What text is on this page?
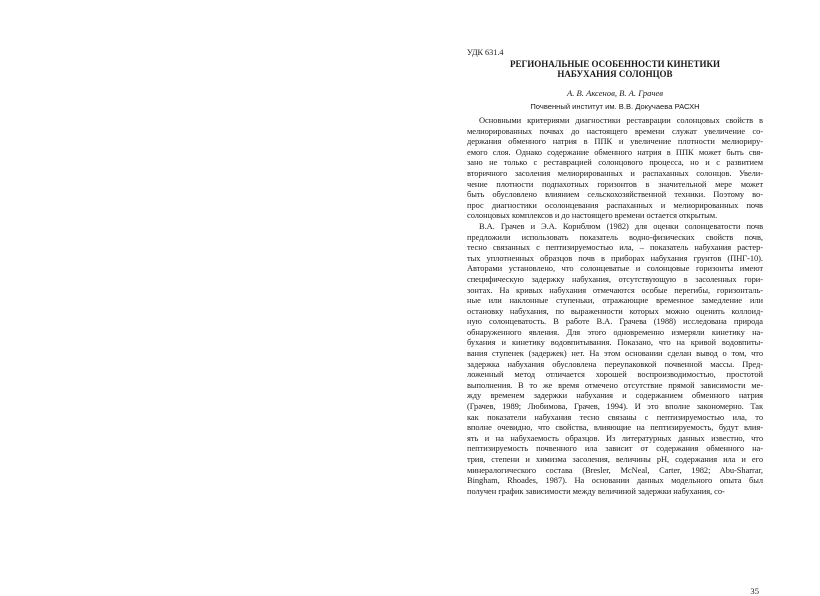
УДК 631.4
РЕГИОНАЛЬНЫЕ ОСОБЕННОСТИ КИНЕТИКИ
НАБУХАНИЯ СОЛОНЦОВ
А. В. Аксенов, В. А. Грачев
Почвенный институт им. В.В. Докучаева РАСХН
Основными критериями диагностики реставрации солонцовых свойств в
мелиорированных почвах до настоящего времени служат увеличение со-
держания обменного натрия в ППК и увеличение плотности мелиориру-
емого слоя. Однако содержание обменного натрия в ППК может быть свя-
зано не только с реставрацией солонцового процесса, но и с развитием
вторичного засоления мелиорированных и распаханных солонцов. Увели-
чение плотности подпахотных горизонтов в значительной мере может
быть обусловлено влиянием сельскохозяйственной техники. Поэтому во-
прос диагностики осолонцевания распаханных и мелиорированных почв
солонцовых комплексов и до настоящего времени остается открытым.
В.А. Грачев и Э.А. Корнблюм (1982) для оценки солонцеватости почв
предложили использовать показатель водно-физических свойств почв,
тесно связанных с пептизируемостью ила, – показатель набухания растер-
тых уплотненных образцов почв в приборах набухания грунтов (ПНГ-10).
Авторами установлено, что солонцеватые и солонцовые горизонты имеют
специфическую задержку набухания, отсутствующую в засоленных гори-
зонтах. На кривых набухания отмечаются особые перегибы, горизонталь-
ные или наклонные ступеньки, отражающие временное замедление или
остановку набухания, по выраженности которых можно оценить коллоид-
ную солонцеватость. В работе В.А. Грачева (1988) исследована природа
обнаруженного явления. Для этого одновременно измеряли кинетику на-
бухания и кинетику водовпитывания. Показано, что на кривой водовпиты-
вания ступенек (задержек) нет. На этом основании сделан вывод о том, что
задержка набухания обусловлена переупаковкой почвенной массы. Пред-
ложенный метод отличается хорошей воспроизводимостью, простотой
выполнения. В то же время отмечено отсутствие прямой зависимости ме-
жду временем задержки набухания и содержанием обменного натрия
(Грачев, 1989; Любимова, Грачев, 1994). И это вполне закономерно. Так
как показатели набухания тесно связаны с пептизируемостью ила, то
вполне очевидно, что свойства, влияющие на пептизируемость, будут влия-
ять и на набухаемость образцов. Из литературных данных известно, что
пептизируемость почвенного ила зависит от содержания обменного на-
трия, степени и химизма засоления, величины pH, содержания ила и его
минералогического состава (Bresler, McNeal, Carter, 1982; Abu-Sharrar,
Bingham, Rhoades, 1987). На основании данных модельного опыта был
получен график зависимости между величиной задержки набухания, со-
35
